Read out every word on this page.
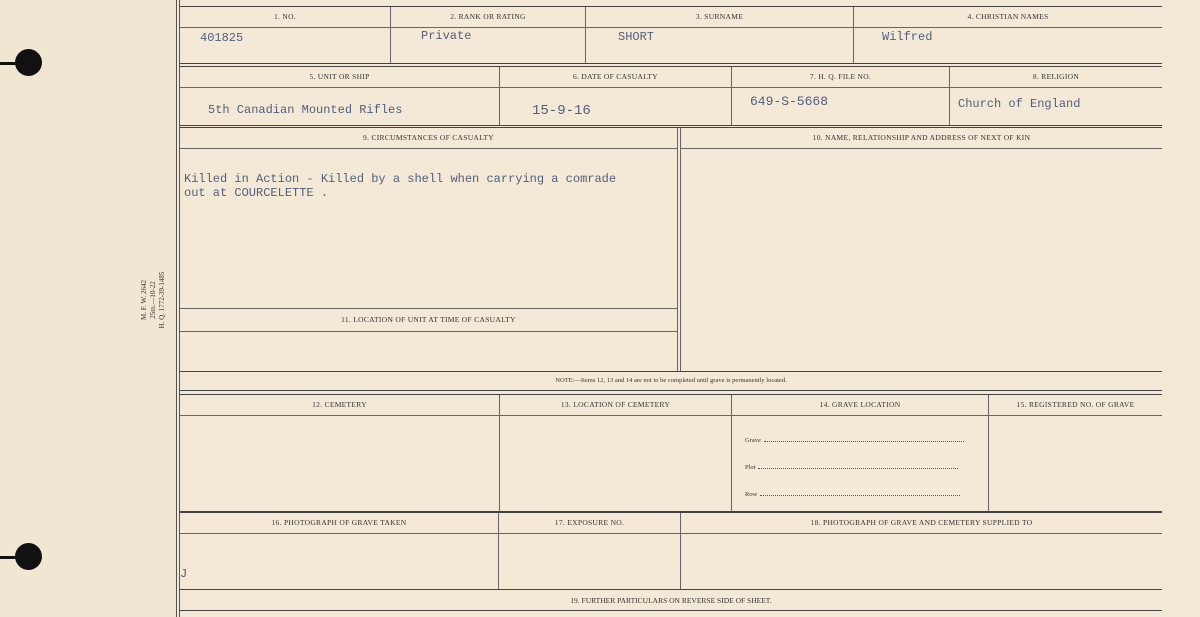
M. F. W. 2642 25m.—10-22 H. Q. 1772-39-1485
1. NO.
401825
2. RANK OR RATING
Private
3. SURNAME
SHORT
4. CHRISTIAN NAMES
Wilfred
5. UNIT OR SHIP
5th Canadian Mounted Rifles
6. DATE OF CASUALTY
15-9-16
7. H. Q. FILE NO.
649-S-5668
8. RELIGION
Church of England
9. CIRCUMSTANCES OF CASUALTY
Killed in Action - Killed by a shell when carrying a comrade
out at COURCELETTE .
11. LOCATION OF UNIT AT TIME OF CASUALTY
10. NAME, RELATIONSHIP AND ADDRESS OF NEXT OF KIN
NOTE:—Items 12, 13 and 14 are not to be completed until grave is permanently located.
12. CEMETERY	13. LOCATION OF CEMETERY	14. GRAVE LOCATION	15. REGISTERED NO. OF GRAVE
Grave
Plot
Row
16. PHOTOGRAPH OF GRAVE TAKEN
J
17. EXPOSURE NO.	18. PHOTOGRAPH OF GRAVE AND CEMETERY SUPPLIED TO
19. FURTHER PARTICULARS ON REVERSE SIDE OF SHEET.
